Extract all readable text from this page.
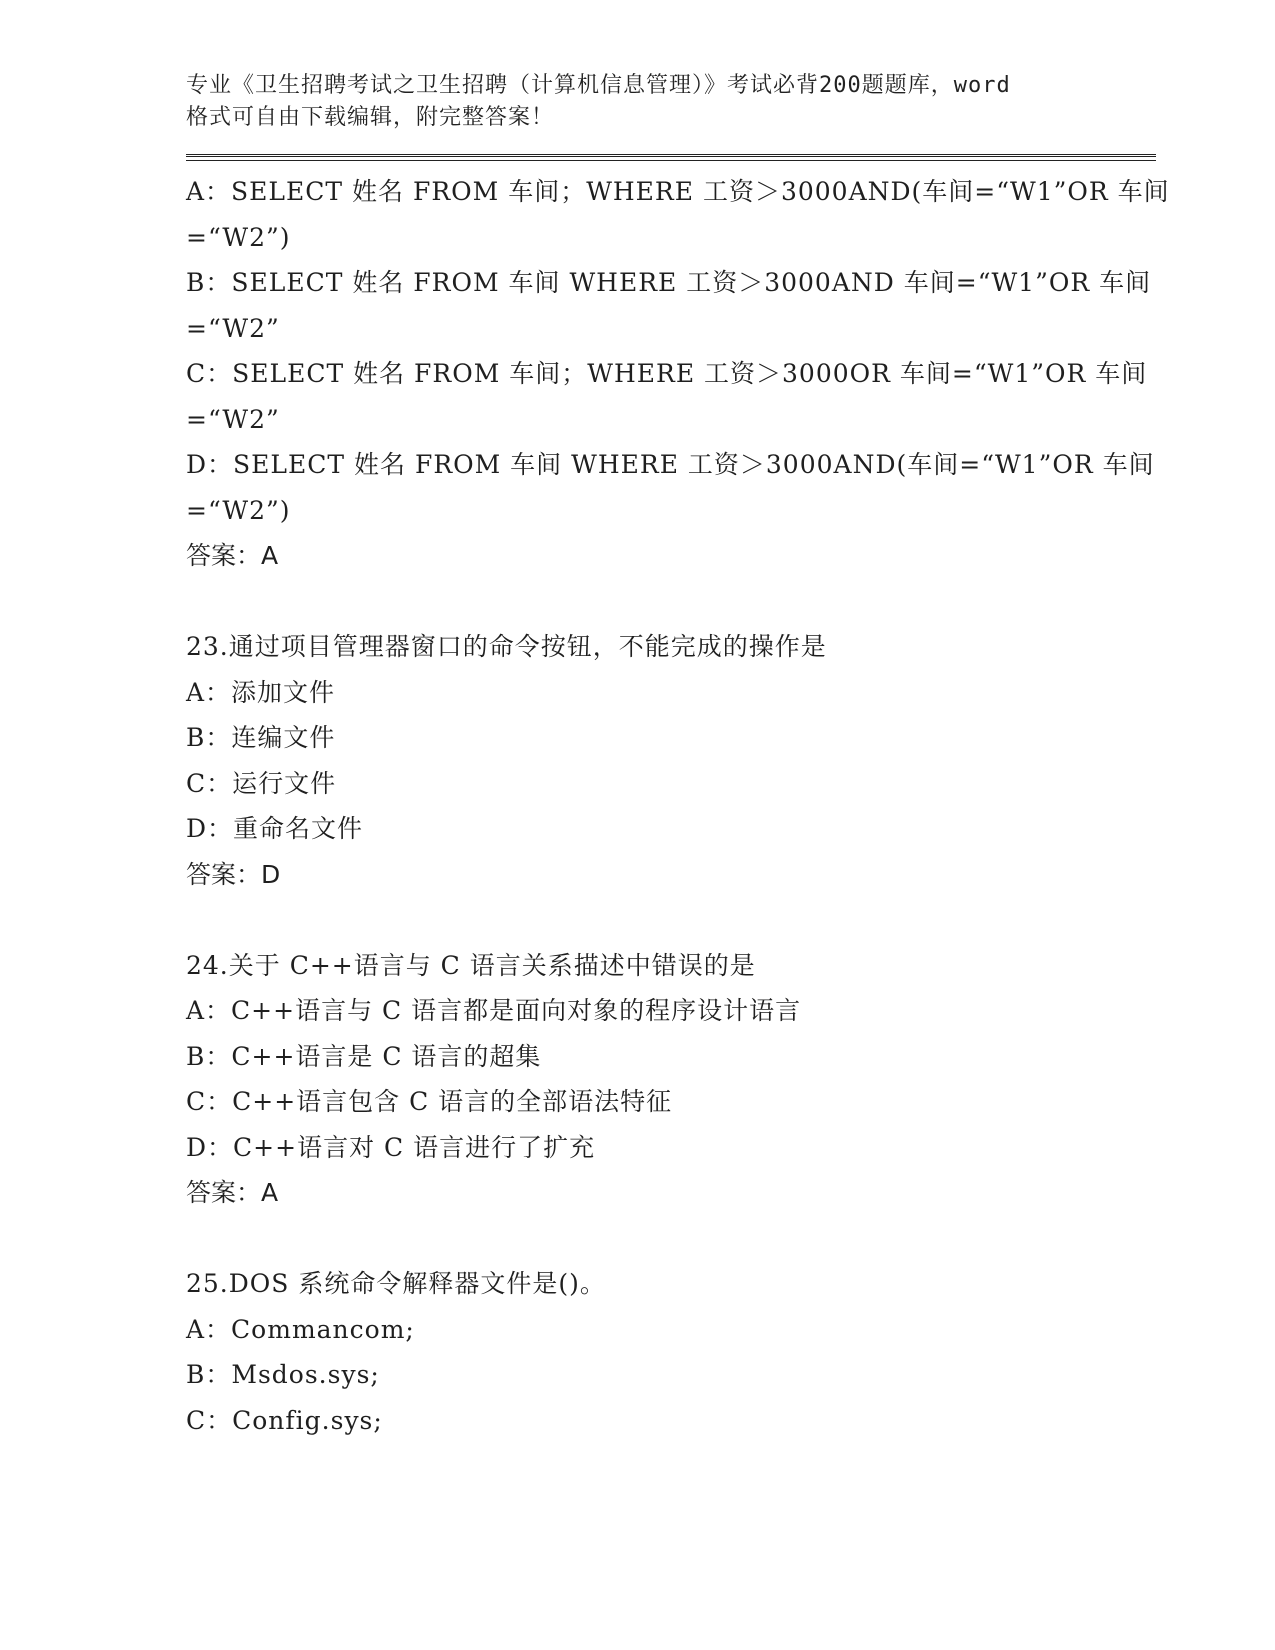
专业《卫生招聘考试之卫生招聘（计算机信息管理）》考试必背200题题库，word
格式可自由下载编辑，附完整答案！
A：SELECT 姓名 FROM 车间；WHERE 工资＞3000AND(车间=“W1”OR 车间
=“W2”)
B：SELECT 姓名 FROM 车间 WHERE 工资＞3000AND 车间=“W1”OR 车间
=“W2”
C：SELECT 姓名 FROM 车间；WHERE 工资＞3000OR 车间=“W1”OR 车间
=“W2”
D：SELECT 姓名 FROM 车间 WHERE 工资＞3000AND(车间=“W1”OR 车间
=“W2”)
答案：A
23.通过项目管理器窗口的命令按钮，不能完成的操作是
A：添加文件
B：连编文件
C：运行文件
D：重命名文件
答案：D
24.关于 C++语言与 C 语言关系描述中错误的是
A：C++语言与 C 语言都是面向对象的程序设计语言
B：C++语言是 C 语言的超集
C：C++语言包含 C 语言的全部语法特征
D：C++语言对 C 语言进行了扩充
答案：A
25.DOS 系统命令解释器文件是()。
A：Commancom;
B：Msdos.sys;
C：Config.sys;
